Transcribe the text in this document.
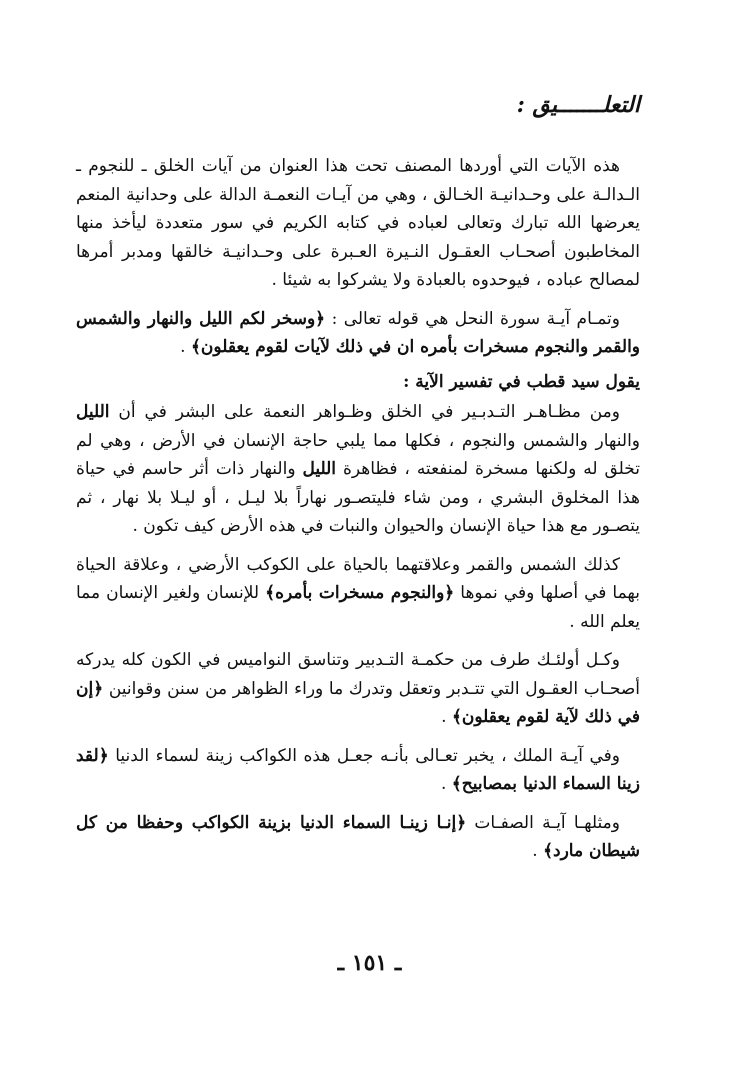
التعلـــــــيق :

هذه الآيات التي أوردها المصنف تحت هذا العنوان من آيات الخلق ـ للنجوم ـ الـدالـة على وحـدانيـة الخـالق ، وهي من آيـات النعمـة الدالة على وحدانية المنعم يعرضها الله تبارك وتعالى لعباده في كتابه الكريم في سور متعددة ليأخذ منها المخاطبون أصحـاب العقـول النـيرة العـبرة على وحـدانيـة خالقها ومدبر أمرها لمصالح عباده ، فيوحدوه بالعبادة ولا يشركوا به شيئا .

وتمـام آيـة سورة النحل هي قوله تعالى : ﴿وسخر لكم الليل والنهار والشمس والقمر والنجوم مسخرات بأمره ان في ذلك لآيات لقوم يعقلون﴾ .

يقول سيد قطب في تفسير الآية :

ومن مظـاهـر التـدبـير في الخلق وظـواهر النعمة على البشر في أن الليل والنهار والشمس والنجوم ، فكلها مما يلبي حاجة الإنسان في الأرض ، وهي لم تخلق له ولكنها مسخرة لمنفعته ، فظاهرة الليل والنهار ذات أثر حاسم في حياة هذا المخلوق البشري ، ومن شاء فليتصـور نهاراً بلا ليـل ، أو ليـلا بلا نهار ، ثم يتصـور مع هذا حياة الإنسان والحيوان والنبات في هذه الأرض كيف تكون .

كذلك الشمس والقمر وعلاقتهما بالحياة على الكوكب الأرضي ، وعلاقة الحياة بهما في أصلها وفي نموها ﴿والنجوم مسخرات بأمره﴾ للإنسان ولغير الإنسان مما يعلم الله .

وكـل أولئـك طرف من حكمـة التـدبير وتناسق النواميس في الكون كله يدركه أصحـاب العقـول التي تتـدبر وتعقل وتدرك ما وراء الظواهر من سنن وقوانين ﴿إن في ذلك لآية لقوم يعقلون﴾ .

وفي آيـة الملك ، يخبر تعـالى بأنـه جعـل هذه الكواكب زينة لسماء الدنيا ﴿لقد زينا السماء الدنيا بمصابيح﴾ .

ومثلهـا آيـة الصفـات ﴿إنـا زينـا السماء الدنيا بزينة الكواكب وحفظا من كل شيطان مارد﴾ .

ـ ١٥١ ـ
